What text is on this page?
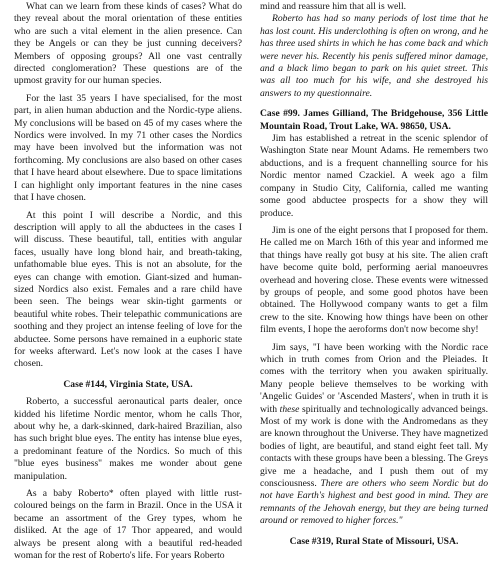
What can we learn from these kinds of cases? What do they reveal about the moral orientation of these entities who are such a vital element in the alien presence. Can they be Angels or can they be just cunning deceivers? Members of opposing groups? All one vast centrally directed conglomeration? These questions are of the upmost gravity for our human species.

For the last 35 years I have specialised, for the most part, in alien human abduction and the Nordic-type aliens. My conclusions will be based on 45 of my cases where the Nordics were involved. In my 71 other cases the Nordics may have been involved but the information was not forthcoming. My conclusions are also based on other cases that I have heard about elsewhere. Due to space limitations I can highlight only important features in the nine cases that I have chosen.

At this point I will describe a Nordic, and this description will apply to all the abductees in the cases I will discuss. These beautiful, tall, entities with angular faces, usually have long blond hair, and breath-taking, unfathomable blue eyes. This is not an absolute, for the eyes can change with emotion. Giant-sized and human-sized Nordics also exist. Females and a rare child have been seen. The beings wear skin-tight garments or beautiful white robes. Their telepathic communications are soothing and they project an intense feeling of love for the abductee. Some persons have remained in a euphoric state for weeks afterward. Let's now look at the cases I have chosen.

Case #144, Virginia State, USA.

Roberto, a successful aeronautical parts dealer, once kidded his lifetime Nordic mentor, whom he calls Thor, about why he, a dark-skinned, dark-haired Brazilian, also has such bright blue eyes. The entity has intense blue eyes, a predominant feature of the Nordics. So much of this "blue eyes business" makes me wonder about gene manipulation.

As a baby Roberto* often played with little rust-coloured beings on the farm in Brazil. Once in the USA it became an assortment of the Grey types, whom he disliked. At the age of 17 Thor appeared, and would always be present along with a beautiful red-headed woman for the rest of Roberto's life. For years Roberto

mind and reassure him that all is well.

Roberto has had so many periods of lost time that he has lost count. His underclothing is often on wrong, and he has three used shirts in which he has come back and which were never his. Recently his penis suffered minor damage, and a black limo began to park on his quiet street. This was all too much for his wife, and she destroyed his answers to my questionnaire.

Case #99. James Gilliand, The Bridgehouse, 356 Little Mountain Road, Trout Lake, WA. 98650, USA.

Jim has established a retreat in the scenic splendor of Washington State near Mount Adams. He remembers two abductions, and is a frequent channelling source for his Nordic mentor named Czackiel. A week ago a film company in Studio City, California, called me wanting some good abductee prospects for a show they will produce.

Jim is one of the eight persons that I proposed for them. He called me on March 16th of this year and informed me that things have really got busy at his site. The alien craft have become quite bold, performing aerial manoeuvres overhead and hovering close. These events were witnessed by groups of people, and some good photos have been obtained. The Hollywood company wants to get a film crew to the site. Knowing how things have been on other film events, I hope the aeroforms don't now become shy!

Jim says, "I have been working with the Nordic race which in truth comes from Orion and the Pleiades. It comes with the territory when you awaken spiritually. Many people believe themselves to be working with 'Angelic Guides' or 'Ascended Masters', when in truth it is with these spiritually and technologically advanced beings. Most of my work is done with the Andromedans as they are known throughout the Universe. They have magnetized bodies of light, are beautiful, and stand eight feet tall. My contacts with these groups have been a blessing. The Greys give me a headache, and I push them out of my consciousness. There are others who seem Nordic but do not have Earth's highest and best good in mind. They are remnants of the Jehovah energy, but they are being turned around or removed to higher forces."

Case #319, Rural State of Missouri, USA.
